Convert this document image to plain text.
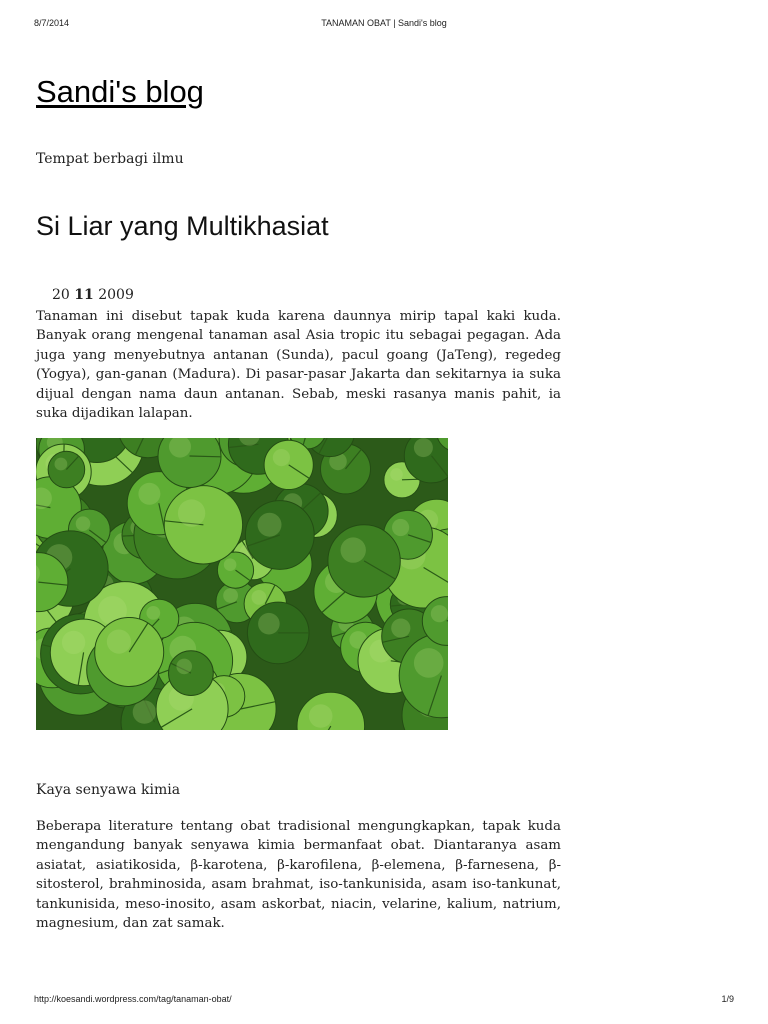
8/7/2014	TANAMAN OBAT | Sandi's blog
Sandi's blog

Tempat berbagi ilmu

Si Liar yang Multikhasiat
20 11 2009

Tanaman ini disebut tapak kuda karena daunnya mirip tapal kaki kuda. Banyak orang mengenal tanaman asal Asia tropic itu sebagai pegagan. Ada juga yang menyebutnya antanan (Sunda), pacul goang (JaTeng), regedeg (Yogya), gan-ganan (Madura). Di pasar-pasar Jakarta dan sekitarnya ia suka dijual dengan nama daun antanan. Sebab, meski rasanya manis pahit, ia suka dijadikan lalapan.

Kaya senyawa kimia

Beberapa literature tentang obat tradisional mengungkapkan, tapak kuda mengandung banyak senyawa kimia bermanfaat obat. Diantaranya asam asiatat, asiatikosida, β-karotena, β-karofilena, β-elemena, β-farnesena, β-sitosterol, brahminosida, asam brahmat, iso-tankunisida, asam iso-tankunat, tankunisida, meso-inosito, asam askorbat, niacin, velarine, kalium, natrium, magnesium, dan zat samak.

http://koesandi.wordpress.com/tag/tanaman-obat/	1/9
